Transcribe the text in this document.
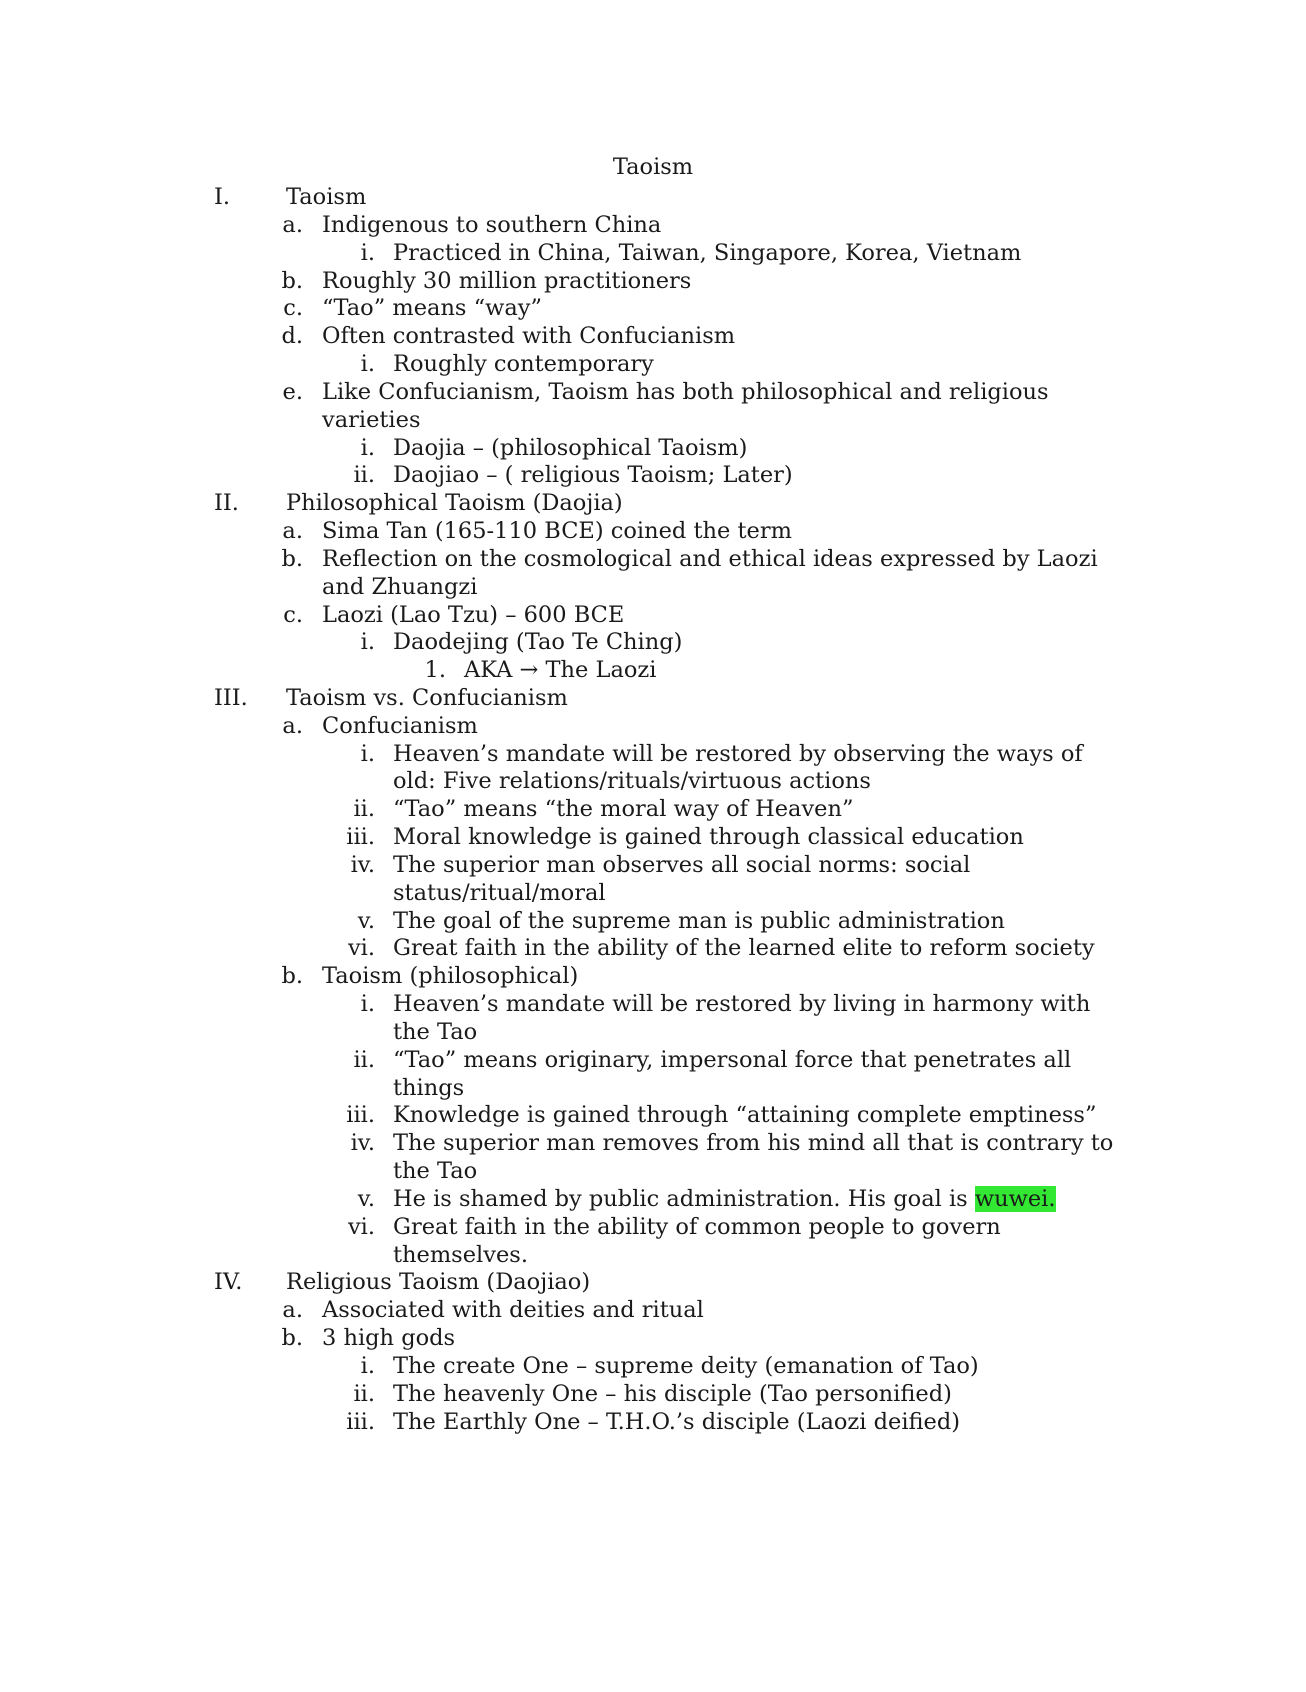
Taoism
I. Taoism
a. Indigenous to southern China
i. Practiced in China, Taiwan, Singapore, Korea, Vietnam
b. Roughly 30 million practitioners
c. “Tao” means “way”
d. Often contrasted with Confucianism
i. Roughly contemporary
e. Like Confucianism, Taoism has both philosophical and religious
varieties
i. Daojia – (philosophical Taoism)
ii. Daojiao – ( religious Taoism; Later)
II. Philosophical Taoism (Daojia)
a. Sima Tan (165-110 BCE) coined the term
b. Reflection on the cosmological and ethical ideas expressed by Laozi
and Zhuangzi
c. Laozi (Lao Tzu) – 600 BCE
i. Daodejing (Tao Te Ching)
1. AKA → The Laozi
III. Taoism vs. Confucianism
a. Confucianism
i. Heaven’s mandate will be restored by observing the ways of
old: Five relations/rituals/virtuous actions
ii. “Tao” means “the moral way of Heaven”
iii. Moral knowledge is gained through classical education
iv. The superior man observes all social norms: social
status/ritual/moral
v. The goal of the supreme man is public administration
vi. Great faith in the ability of the learned elite to reform society
b. Taoism (philosophical)
i. Heaven’s mandate will be restored by living in harmony with
the Tao
ii. “Tao” means originary, impersonal force that penetrates all
things
iii. Knowledge is gained through “attaining complete emptiness”
iv. The superior man removes from his mind all that is contrary to
the Tao
v. He is shamed by public administration. His goal is wuwei.
vi. Great faith in the ability of common people to govern
themselves.
IV. Religious Taoism (Daojiao)
a. Associated with deities and ritual
b. 3 high gods
i. The create One – supreme deity (emanation of Tao)
ii. The heavenly One – his disciple (Tao personified)
iii. The Earthly One – T.H.O.’s disciple (Laozi deified)
